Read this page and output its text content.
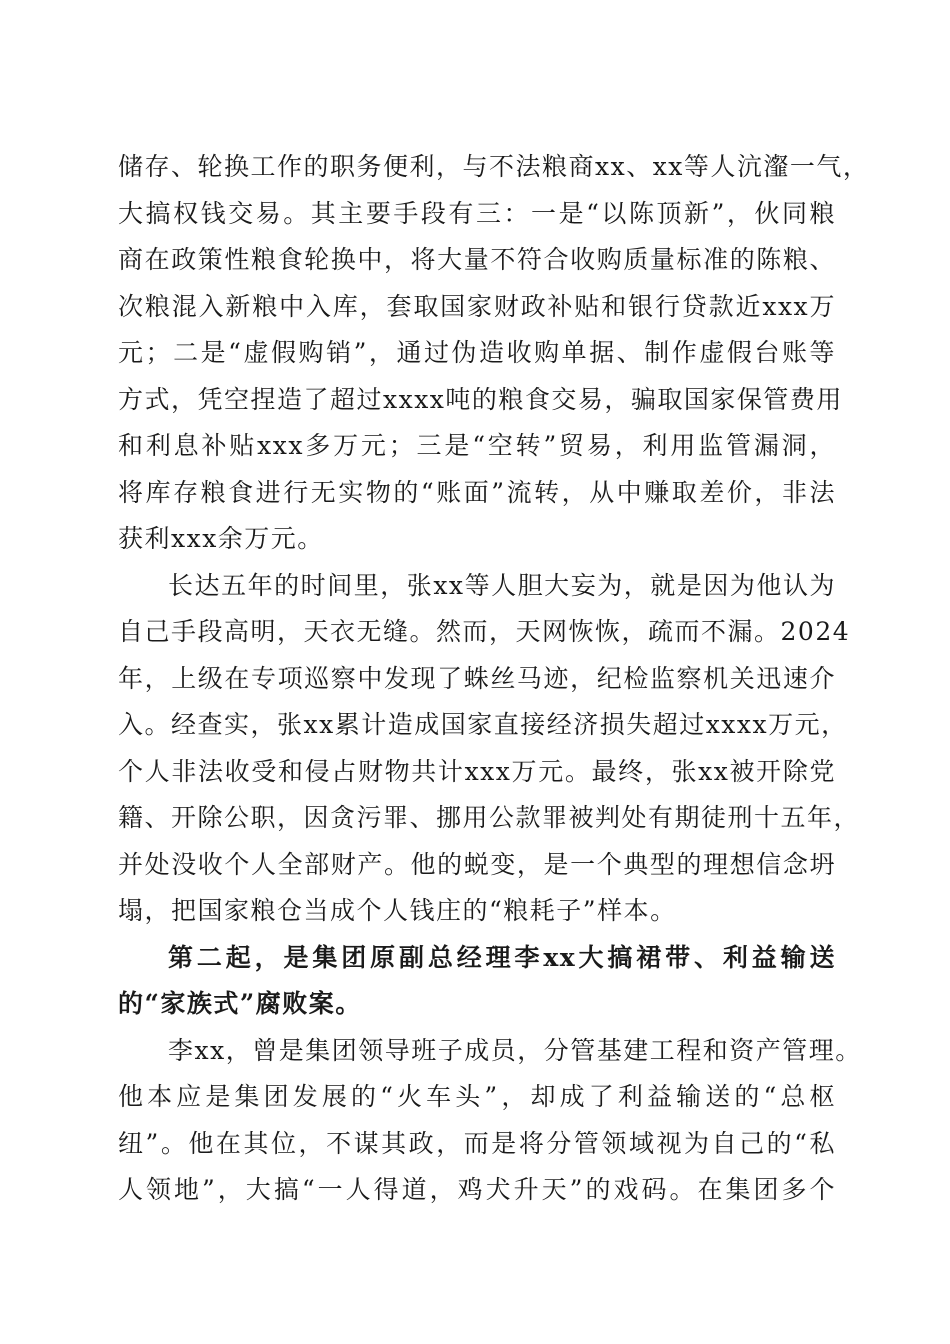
储存、轮换工作的职务便利，与不法粮商xx、xx等人沆瀣一气，
大搞权钱交易。其主要手段有三：一是“以陈顶新”，伙同粮
商在政策性粮食轮换中，将大量不符合收购质量标准的陈粮、
次粮混入新粮中入库，套取国家财政补贴和银行贷款近xxx万
元；二是“虚假购销”，通过伪造收购单据、制作虚假台账等
方式，凭空捏造了超过xxxx吨的粮食交易，骗取国家保管费用
和利息补贴xxx多万元；三是“空转”贸易，利用监管漏洞，
将库存粮食进行无实物的“账面”流转，从中赚取差价，非法
获利xxx余万元。
长达五年的时间里，张xx等人胆大妄为，就是因为他认为
自己手段高明，天衣无缝。然而，天网恢恢，疏而不漏。2024
年，上级在专项巡察中发现了蛛丝马迹，纪检监察机关迅速介
入。经查实，张xx累计造成国家直接经济损失超过xxxx万元，
个人非法收受和侵占财物共计xxx万元。最终，张xx被开除党
籍、开除公职，因贪污罪、挪用公款罪被判处有期徒刑十五年，
并处没收个人全部财产。他的蜕变，是一个典型的理想信念坍
塌，把国家粮仓当成个人钱庄的“粮耗子”样本。
第二起，是集团原副总经理李xx大搞裙带、利益输送
的“家族式”腐败案。
李xx，曾是集团领导班子成员，分管基建工程和资产管理。
他本应是集团发展的“火车头”，却成了利益输送的“总枢
纽”。他在其位，不谋其政，而是将分管领域视为自己的“私
人领地”，大搞“一人得道，鸡犬升天”的戏码。在集团多个
